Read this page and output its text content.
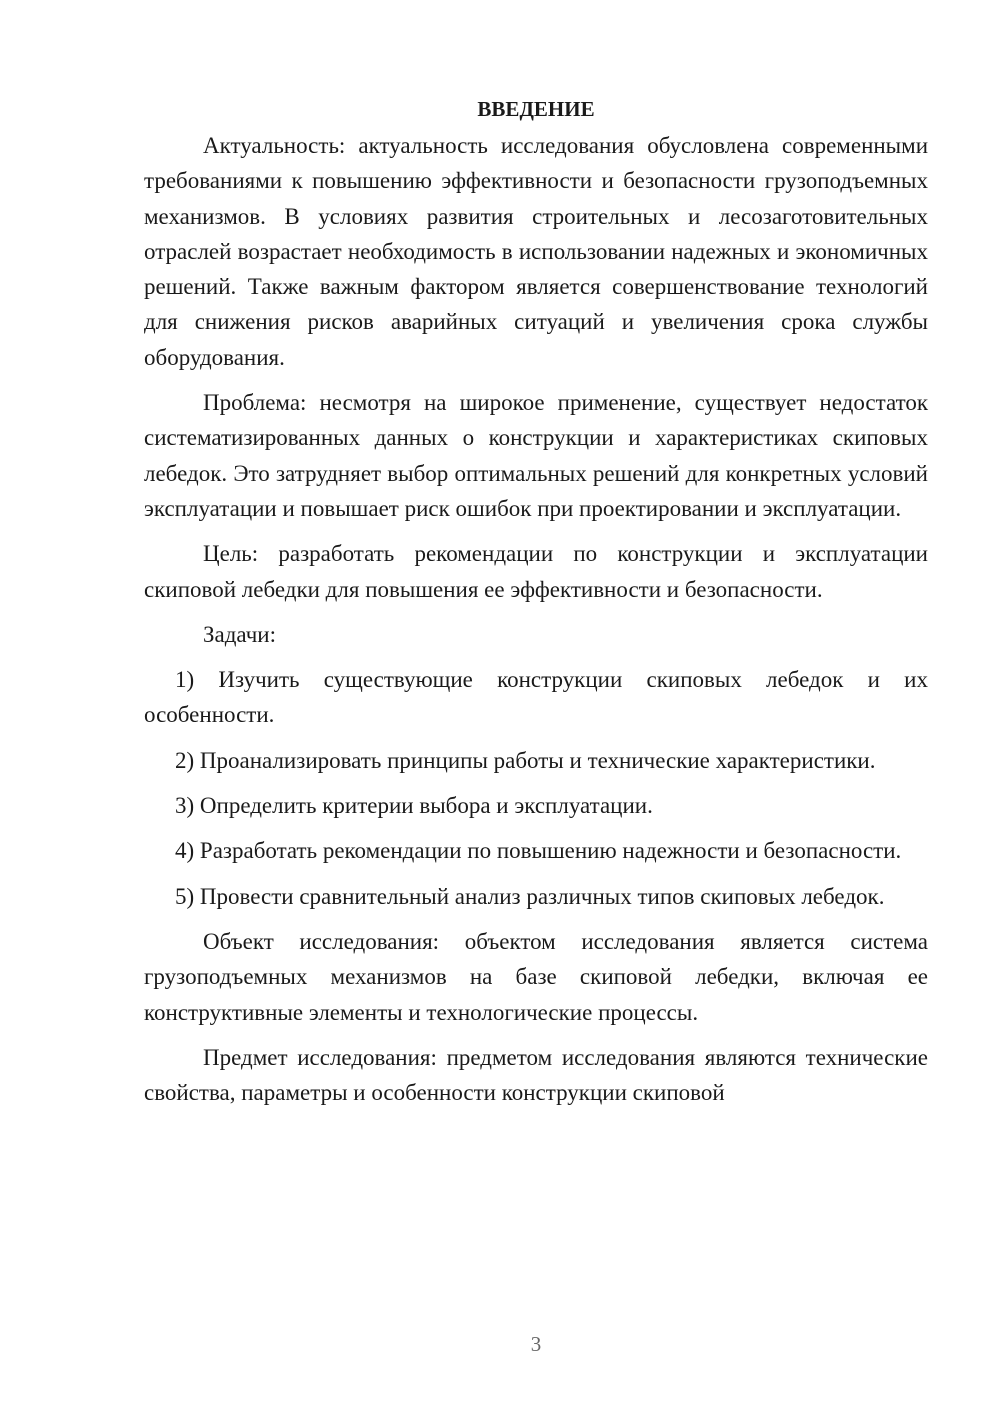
ВВЕДЕНИЕ

Актуальность: актуальность исследования обусловлена современными требованиями к повышению эффективности и безопасности грузоподъемных механизмов. В условиях развития строительных и лесозаготовительных отраслей возрастает необходимость в использовании надежных и экономичных решений. Также важным фактором является совершенствование технологий для снижения рисков аварийных ситуаций и увеличения срока службы оборудования.

Проблема: несмотря на широкое применение, существует недостаток систематизированных данных о конструкции и характеристиках скиповых лебедок. Это затрудняет выбор оптимальных решений для конкретных условий эксплуатации и повышает риск ошибок при проектировании и эксплуатации.

Цель: разработать рекомендации по конструкции и эксплуатации скиповой лебедки для повышения ее эффективности и безопасности.

Задачи:

1) Изучить существующие конструкции скиповых лебедок и их особенности.

2) Проанализировать принципы работы и технические характеристики.

3) Определить критерии выбора и эксплуатации.

4) Разработать рекомендации по повышению надежности и безопасности.

5) Провести сравнительный анализ различных типов скиповых лебедок.

Объект исследования: объектом исследования является система грузоподъемных механизмов на базе скиповой лебедки, включая ее конструктивные элементы и технологические процессы.

Предмет исследования: предметом исследования являются технические свойства, параметры и особенности конструкции скиповой

3
